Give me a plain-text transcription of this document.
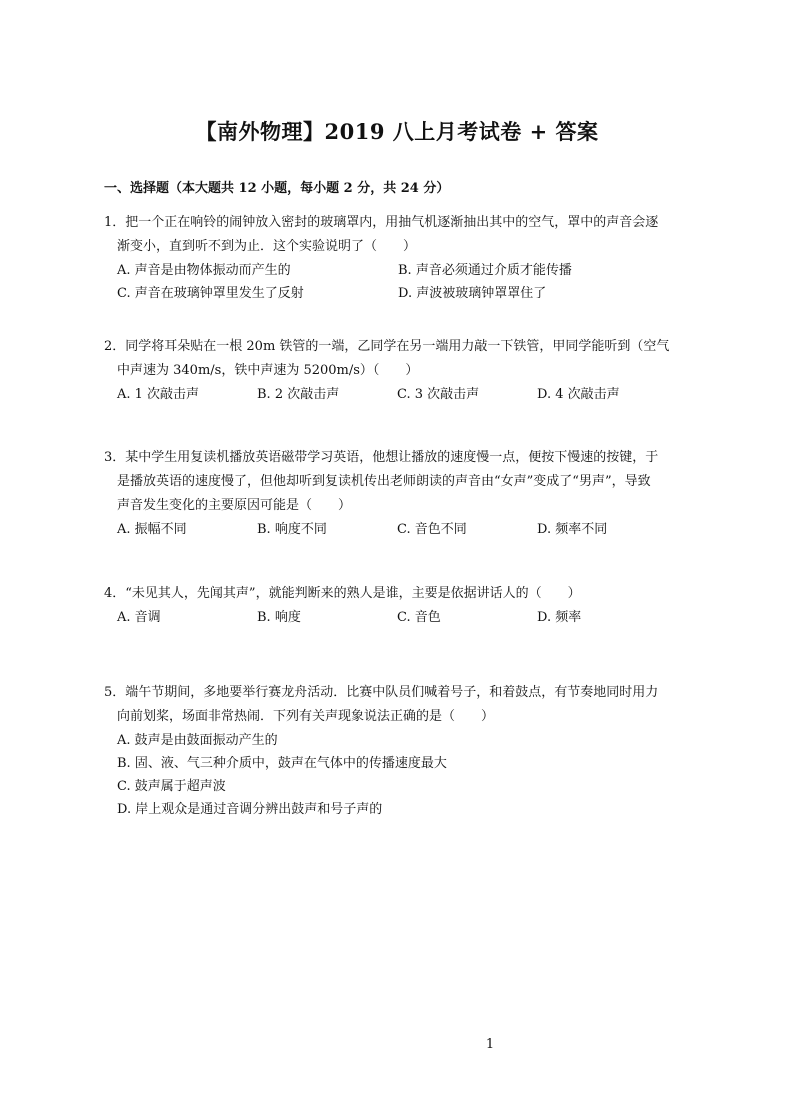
【南外物理】2019 八上月考试卷 + 答案
一、选择题（本大题共 12 小题，每小题 2 分，共 24 分）
1．把一个正在响铃的闹钟放入密封的玻璃罩内，用抽气机逐渐抽出其中的空气，罩中的声音会逐
渐变小，直到听不到为止．这个实验说明了（　　）
A. 声音是由物体振动而产生的	B. 声音必须通过介质才能传播
C. 声音在玻璃钟罩里发生了反射	D. 声波被玻璃钟罩罩住了
2．同学将耳朵贴在一根 20m 铁管的一端，乙同学在另一端用力敲一下铁管，甲同学能听到（空气
中声速为 340m/s，铁中声速为 5200m/s）（　　）
A. 1 次敲击声	B. 2 次敲击声	C. 3 次敲击声	D. 4 次敲击声
3．某中学生用复读机播放英语磁带学习英语，他想让播放的速度慢一点，便按下慢速的按键，于
是播放英语的速度慢了，但他却听到复读机传出老师朗读的声音由“女声”变成了“男声”，导致
声音发生变化的主要原因可能是（　　）
A. 振幅不同	B. 响度不同	C. 音色不同	D. 频率不同
4．“未见其人，先闻其声”，就能判断来的熟人是谁，主要是依据讲话人的（　　）
A. 音调	B. 响度	C. 音色	D. 频率
5．端午节期间，多地要举行赛龙舟活动．比赛中队员们喊着号子，和着鼓点，有节奏地同时用力
向前划桨，场面非常热闹．下列有关声现象说法正确的是（　　）
A. 鼓声是由鼓面振动产生的
B. 固、液、气三种介质中，鼓声在气体中的传播速度最大
C. 鼓声属于超声波
D. 岸上观众是通过音调分辨出鼓声和号子声的
1
